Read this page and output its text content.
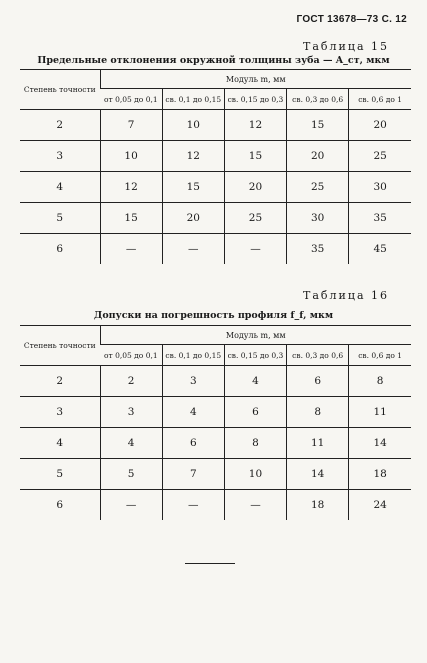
ГОСТ 13678—73 С. 12
Таблица 15
Предельные отклонения окружной толщины зуба — A_ст, мкм
Степень точности	Модуль m, мм				
	от 0,05 до 0,1	св. 0,1 до 0,15	св. 0,15 до 0,3	св. 0,3 до 0,6	св. 0,6 до 1
2	7	10	12	15	20
3	10	12	15	20	25
4	12	15	20	25	30
5	15	20	25	30	35
6	—	—	—	35	45
Таблица 16
Допуски на погрешность профиля f_f, мкм
Степень точности	Модуль m, мм				
	от 0,05 до 0,1	св. 0,1 до 0,15	св. 0,15 до 0,3	св. 0,3 до 0,6	св. 0,6 до 1
2	2	3	4	6	8
3	3	4	6	8	11
4	4	6	8	11	14
5	5	7	10	14	18
6	—	—	—	18	24
